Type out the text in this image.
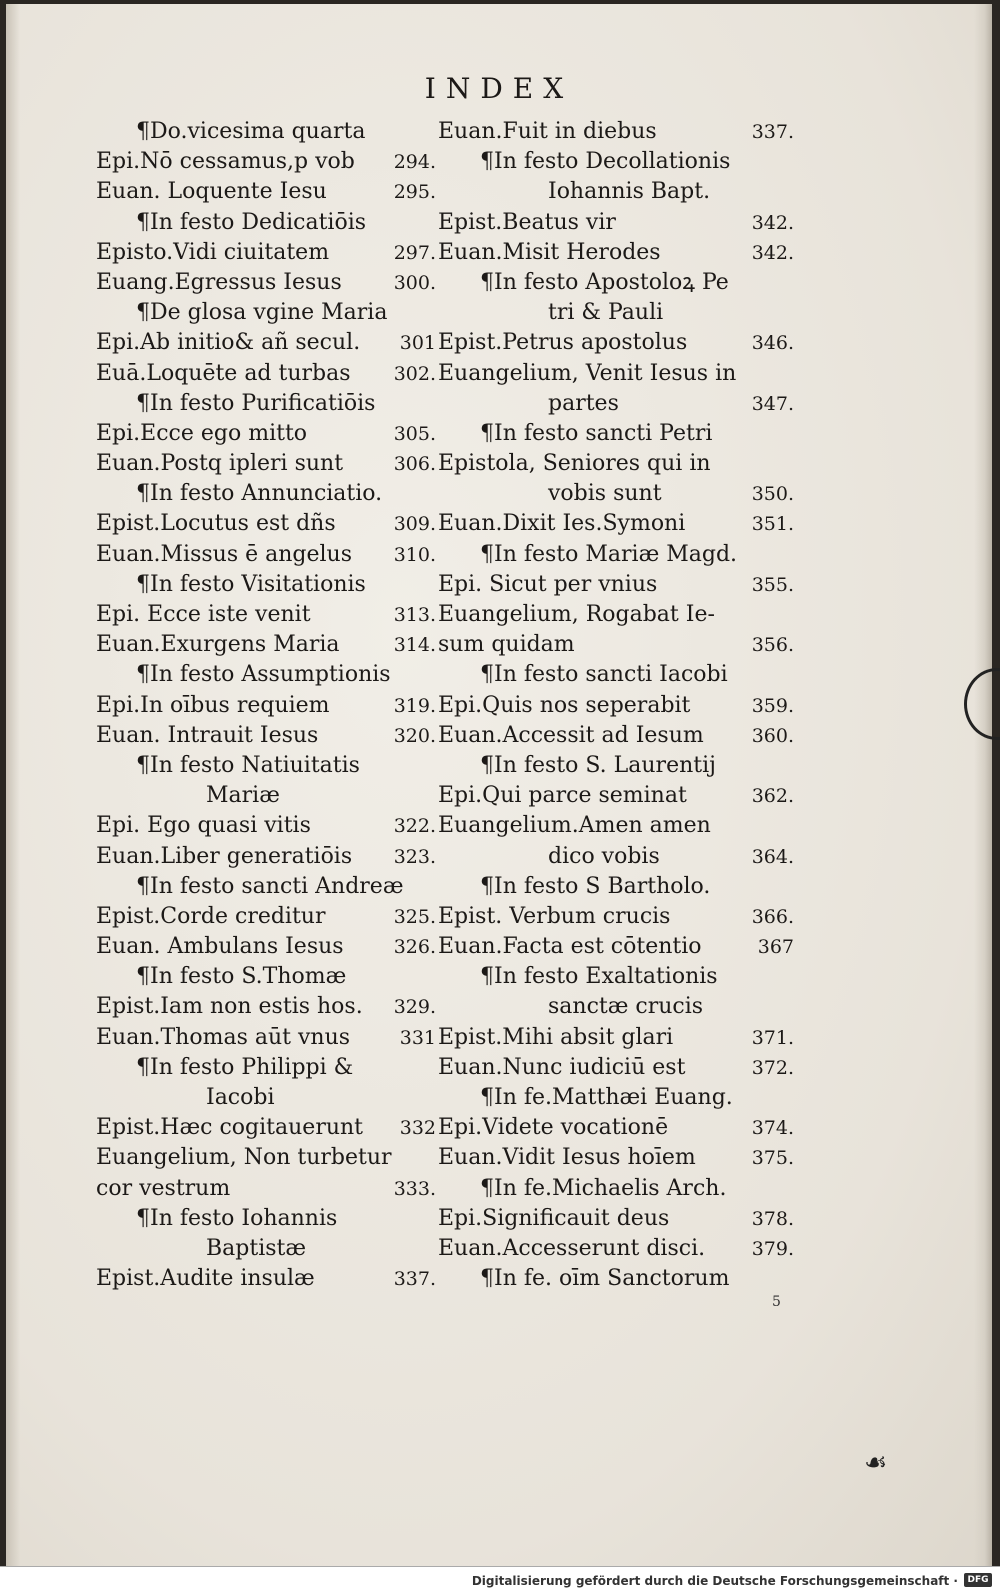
INDEX
¶Do.vicesima quarta
Epi.Nō cessamus,p vob 294.
Euan. Loquente Iesu	295.
¶In festo Dedicatiōis
Episto.Vidi ciuitatem	297.
Euang.Egressus Iesus	300.
¶De glosa vgine Maria
Epi.Ab initio& añ secul. 301
Euā.Loquēte ad turbas 302.
¶In festo Purificatiōis
Epi.Ecce ego mitto	305.
Euan.Postq ipleri sunt	306.
¶In festo Annunciatio.
Epist.Locutus est dñs	309.
Euan.Missus ē angelus 310.
¶In festo Visitationis
Epi. Ecce iste venit	313.
Euan.Exurgens Maria	314.
¶In festo Assumptionis
Epi.In oībus requiem	319.
Euan. Intrauit Iesus	320.
¶In festo Natiuitatis
Mariæ
Epi. Ego quasi vitis	322.
Euan.Liber generatiōis 323.
¶In festo sancti Andreæ
Epist.Corde creditur	325.
Euan. Ambulans Iesus	326.
¶In festo S.Thomæ
Epist.Iam non estis hos. 329.
Euan.Thomas aūt vnus	331
¶In festo Philippi &
Iacobi
Epist.Hæc cogitauerunt 332
Euangelium, Non turbetur
cor vestrum	333.
¶In festo Iohannis
Baptistæ
Epist.Audite insulæ	337.
Euan.Fuit in diebus	337.
¶In festo Decollationis
Iohannis Bapt.
Epist.Beatus vir	342.
Euan.Misit Herodes	342.
¶In festo Apostoloꝝ Pe
tri & Pauli
Epist.Petrus apostolus	346.
Euangelium, Venit Iesus in
partes	347.
¶In festo sancti Petri
Epistola, Seniores qui in
vobis sunt	350.
Euan.Dixit Ies.Symoni	351.
¶In festo Mariæ Magd.
Epi. Sicut per vnius	355.
Euangelium, Rogabat Ie-
sum quidam	356.
¶In festo sancti Iacobi
Epi.Quis nos seperabit	359.
Euan.Accessit ad Iesum	360.
¶In festo S. Laurentij
Epi.Qui parce seminat	362.
Euangelium.Amen amen
dico vobis	364.
¶In festo S Bartholo.
Epist. Verbum crucis	366.
Euan.Facta est cōtentio	367
¶In festo Exaltationis
sanctæ crucis
Epist.Mihi absit glari	371.
Euan.Nunc iudiciū est	372.
¶In fe.Matthæi Euang.
Epi.Videte vocationē	374.
Euan.Vidit Iesus hoīem	375.
¶In fe.Michaelis Arch.
Epi.Significauit deus	378.
Euan.Accesserunt disci. 379.
¶In fe. oīm Sanctorum
5
☙
Digitalisierung gefördert durch die Deutsche Forschungsgemeinschaft ·	DFG
